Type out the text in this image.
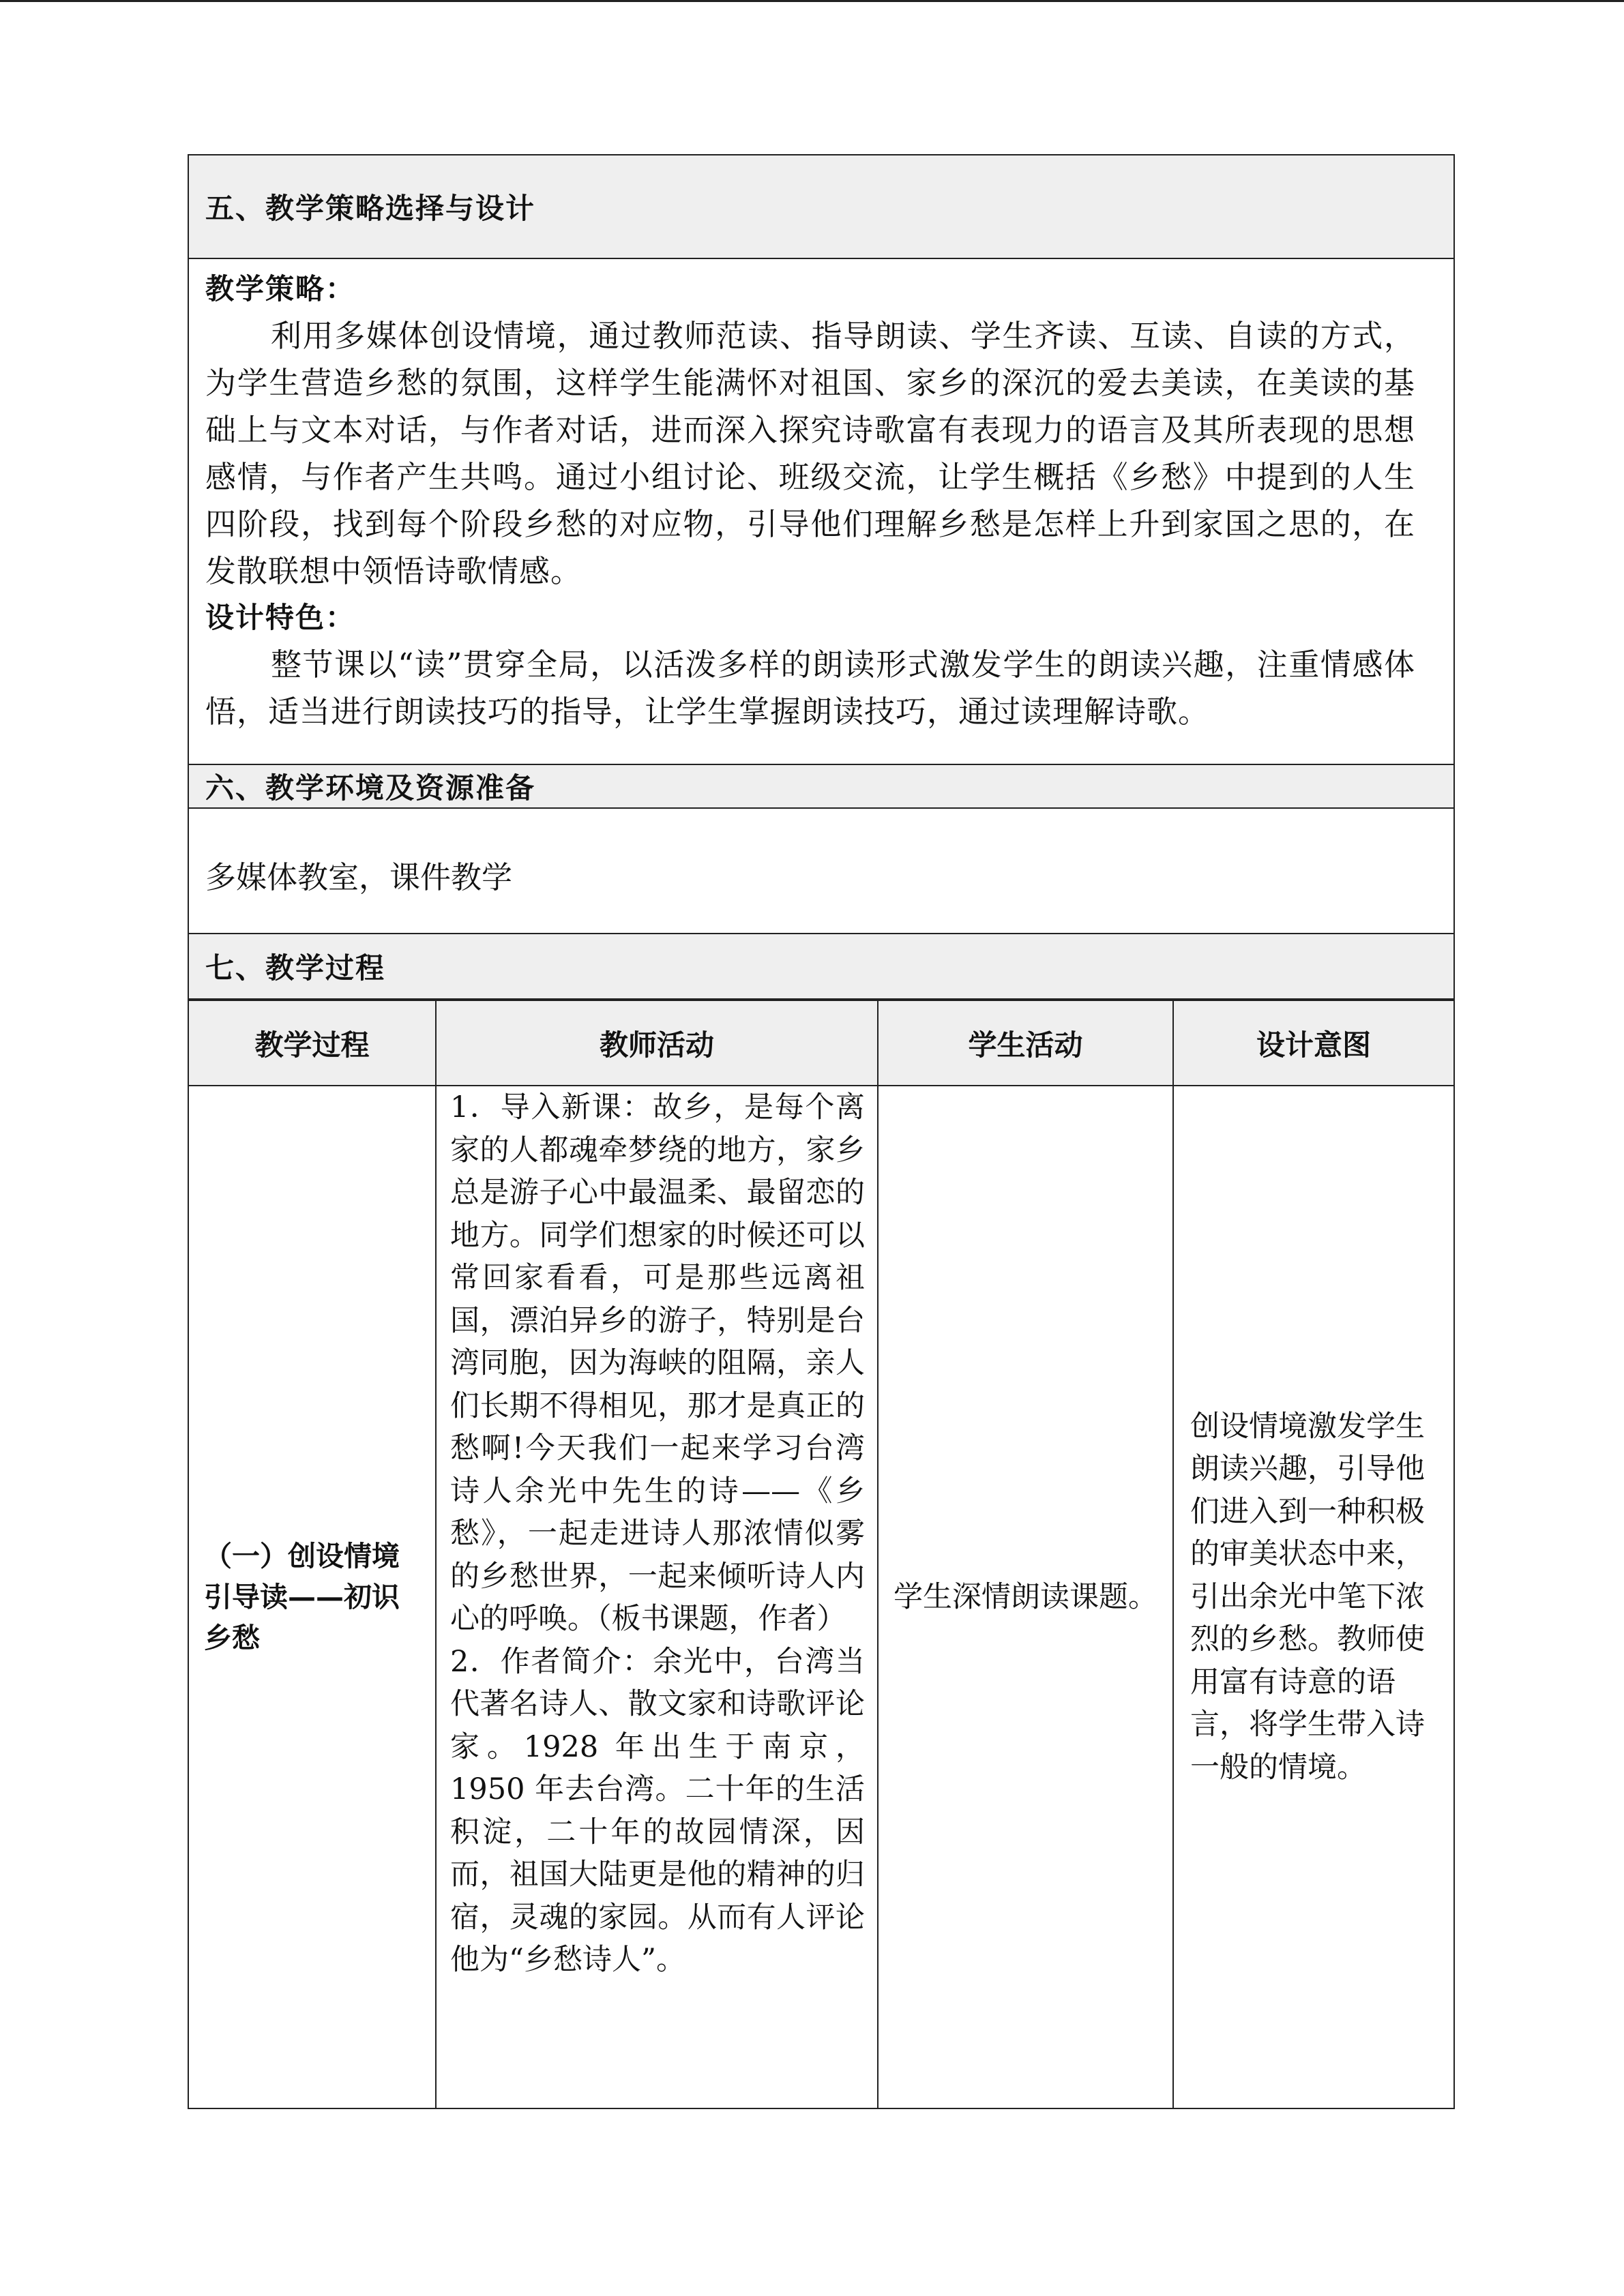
五、教学策略选择与设计
教学策略：

利用多媒体创设情境，通过教师范读、指导朗读、学生齐读、互读、自读的方式，为学生营造乡愁的氛围，这样学生能满怀对祖国、家乡的深沉的爱去美读，在美读的基础上与文本对话，与作者对话，进而深入探究诗歌富有表现力的语言及其所表现的思想感情，与作者产生共鸣。通过小组讨论、班级交流，让学生概括《乡愁》中提到的人生四阶段，找到每个阶段乡愁的对应物，引导他们理解乡愁是怎样上升到家国之思的，在发散联想中领悟诗歌情感。

设计特色：

整节课以“读”贯穿全局，以活泼多样的朗读形式激发学生的朗读兴趣，注重情感体悟，适当进行朗读技巧的指导，让学生掌握朗读技巧，通过读理解诗歌。

六、教学环境及资源准备
多媒体教室，课件教学
七、教学过程
教学过程	教师活动	学生活动	设计意图
（一）创设情境引导读——初识乡愁	1．导入新课：故乡，是每个离家的人都魂牵梦绕的地方，家乡总是游子心中最温柔、最留恋的地方。同学们想家的时候还可以常回家看看，可是那些远离祖国，漂泊异乡的游子，特别是台湾同胞，因为海峡的阻隔，亲人们长期不得相见，那才是真正的愁啊!今天我们一起来学习台湾诗人余光中先生的诗——《乡愁》，一起走进诗人那浓情似雾的乡愁世界，一起来倾听诗人内心的呼唤。（板书课题，作者）

2．作者简介：余光中，台湾当代著名诗人、散文家和诗歌评论家。1928 年出生于南京，1950 年去台湾。二十年的生活积淀，二十年的故园情深，因而，祖国大陆更是他的精神的归宿，灵魂的家园。从而有人评论他为“乡愁诗人”。	学生深情朗读课题。	创设情境激发学生朗读兴趣，引导他们进入到一种积极的审美状态中来，引出余光中笔下浓烈的乡愁。教师使用富有诗意的语言，将学生带入诗一般的情境。
